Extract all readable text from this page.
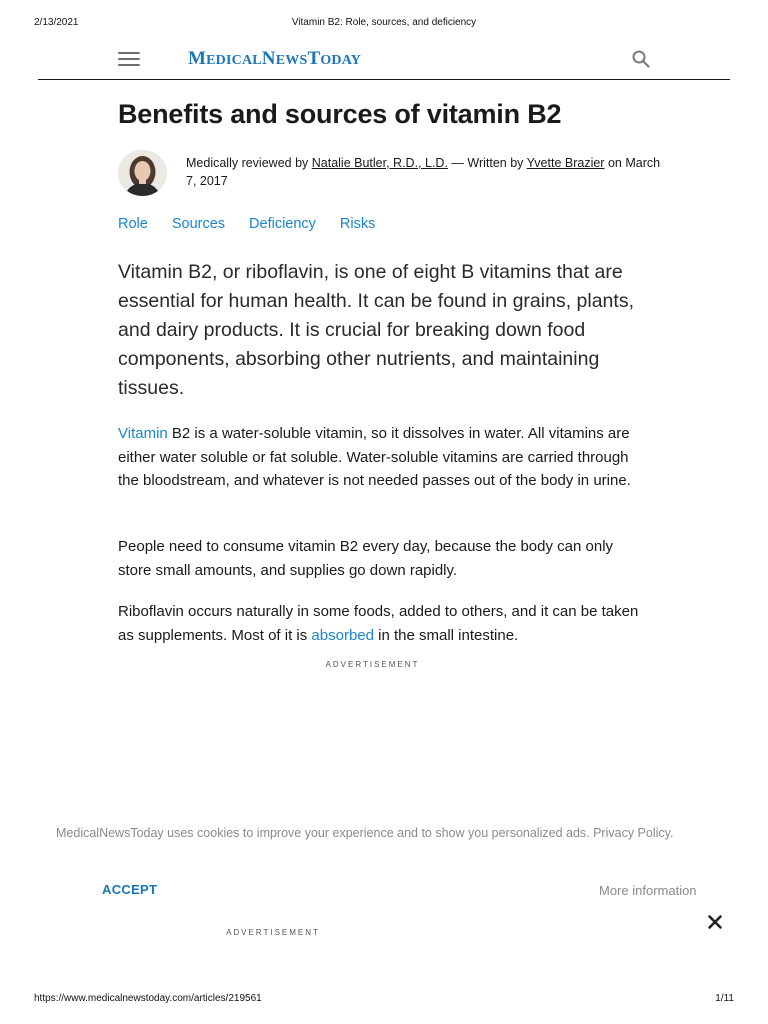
2/13/2021	Vitamin B2: Role, sources, and deficiency
MEDICALNEWSTODAY
Benefits and sources of vitamin B2
Medically reviewed by Natalie Butler, R.D., L.D. — Written by Yvette Brazier on March 7, 2017
Role Sources Deficiency Risks

Vitamin B2, or riboflavin, is one of eight B vitamins that are essential for human health. It can be found in grains, plants, and dairy products. It is crucial for breaking down food components, absorbing other nutrients, and maintaining tissues.

Vitamin B2 is a water-soluble vitamin, so it dissolves in water. All vitamins are either water soluble or fat soluble. Water-soluble vitamins are carried through the bloodstream, and whatever is not needed passes out of the body in urine.

People need to consume vitamin B2 every day, because the body can only store small amounts, and supplies go down rapidly.

Riboflavin occurs naturally in some foods, added to others, and it can be taken as supplements. Most of it is absorbed in the small intestine.

ADVERTISEMENT
MedicalNewsToday uses cookies to improve your experience and to show you personalized ads. Privacy Policy.
ACCEPT	More information
ADVERTISEMENT
https://www.medicalnewstoday.com/articles/219561	1/11
